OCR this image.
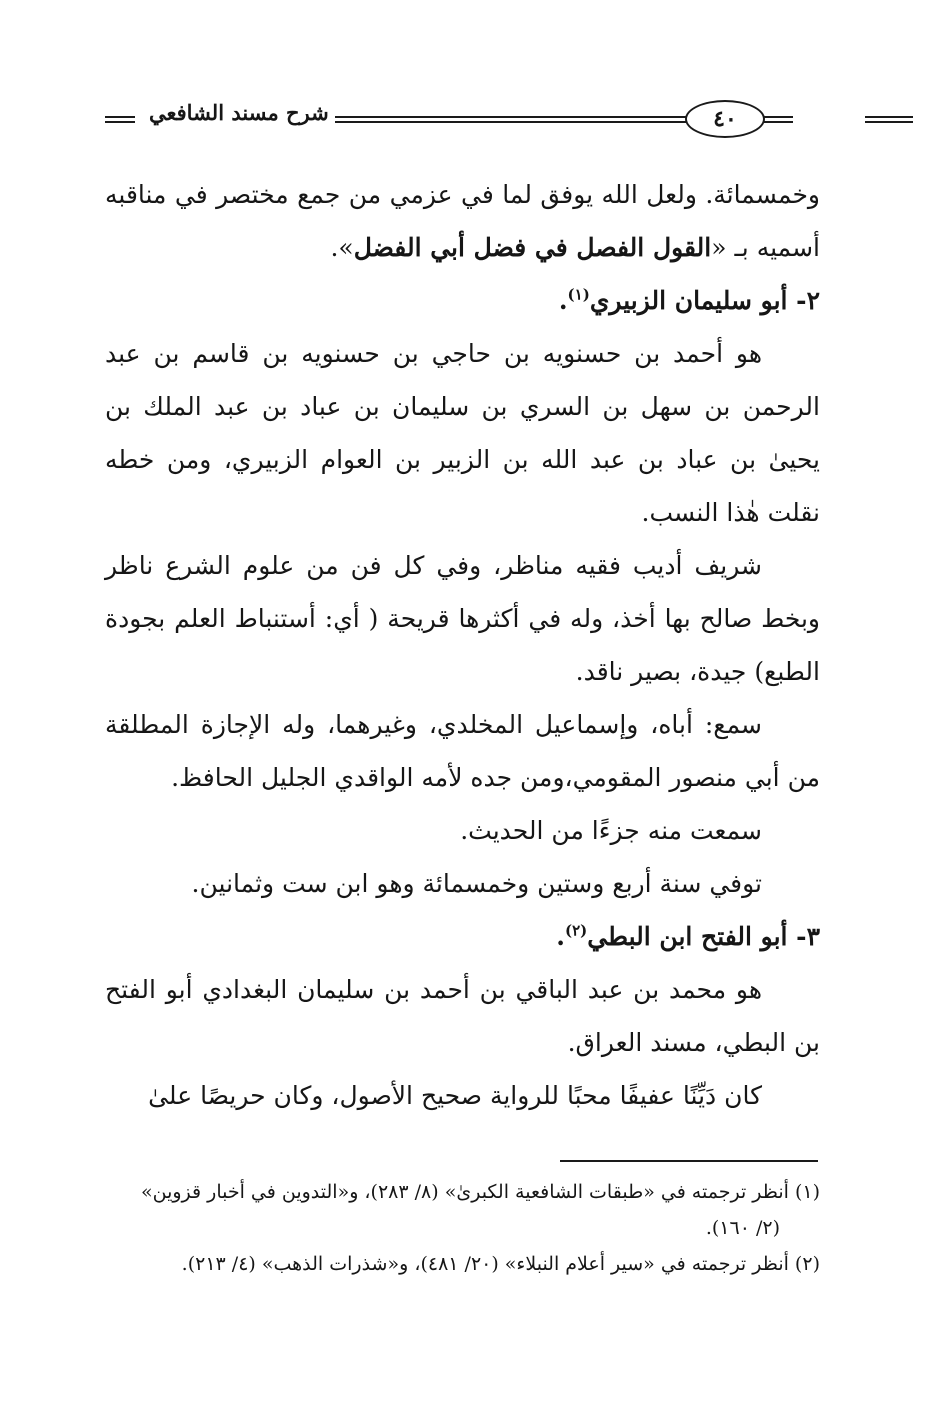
شرح مسند الشافعي	٤٠

وخمسمائة. ولعل الله يوفق لما في عزمي من جمع مختصر في مناقبه أسميه بـ «القول الفصل في فضل أبي الفضل».

٢- أبو سليمان الزبيري$^{(١)}$.

هو أحمد بن حسنويه بن حاجي بن حسنويه بن قاسم بن عبد الرحمن بن سهل بن السري بن سليمان بن عباد بن عبد الملك بن يحيىٰ بن عباد بن عبد الله بن الزبير بن العوام الزبيري، ومن خطه نقلت هٰذا النسب.

شريف أديب فقيه مناظر، وفي كل فن من علوم الشرع ناظر وبخط صالح بها أخذ، وله في أكثرها قريحة ( أي: أستنباط العلم بجودة الطبع) جيدة، بصير ناقد.

سمع: أباه، وإسماعيل المخلدي، وغيرهما، وله الإجازة المطلقة من أبي منصور المقومي،ومن جده لأمه الواقدي الجليل الحافظ.

سمعت منه جزءًا من الحديث.

توفي سنة أربع وستين وخمسمائة وهو ابن ست وثمانين.

٣- أبو الفتح ابن البطي$^{(٢)}$.

هو محمد بن عبد الباقي بن أحمد بن سليمان البغدادي أبو الفتح بن البطي، مسند العراق.

كان دَيِّنًا عفيفًا محبًا للرواية صحيح الأصول، وكان حريصًا علىٰ

(١) أنظر ترجمته في «طبقات الشافعية الكبرىٰ» (٨/ ٢٨٣)، و«التدوين في أخبار قزوين»

(٢/ ١٦٠).

(٢) أنظر ترجمته في «سير أعلام النبلاء» (٢٠/ ٤٨١)، و«شذرات الذهب» (٤/ ٢١٣).
